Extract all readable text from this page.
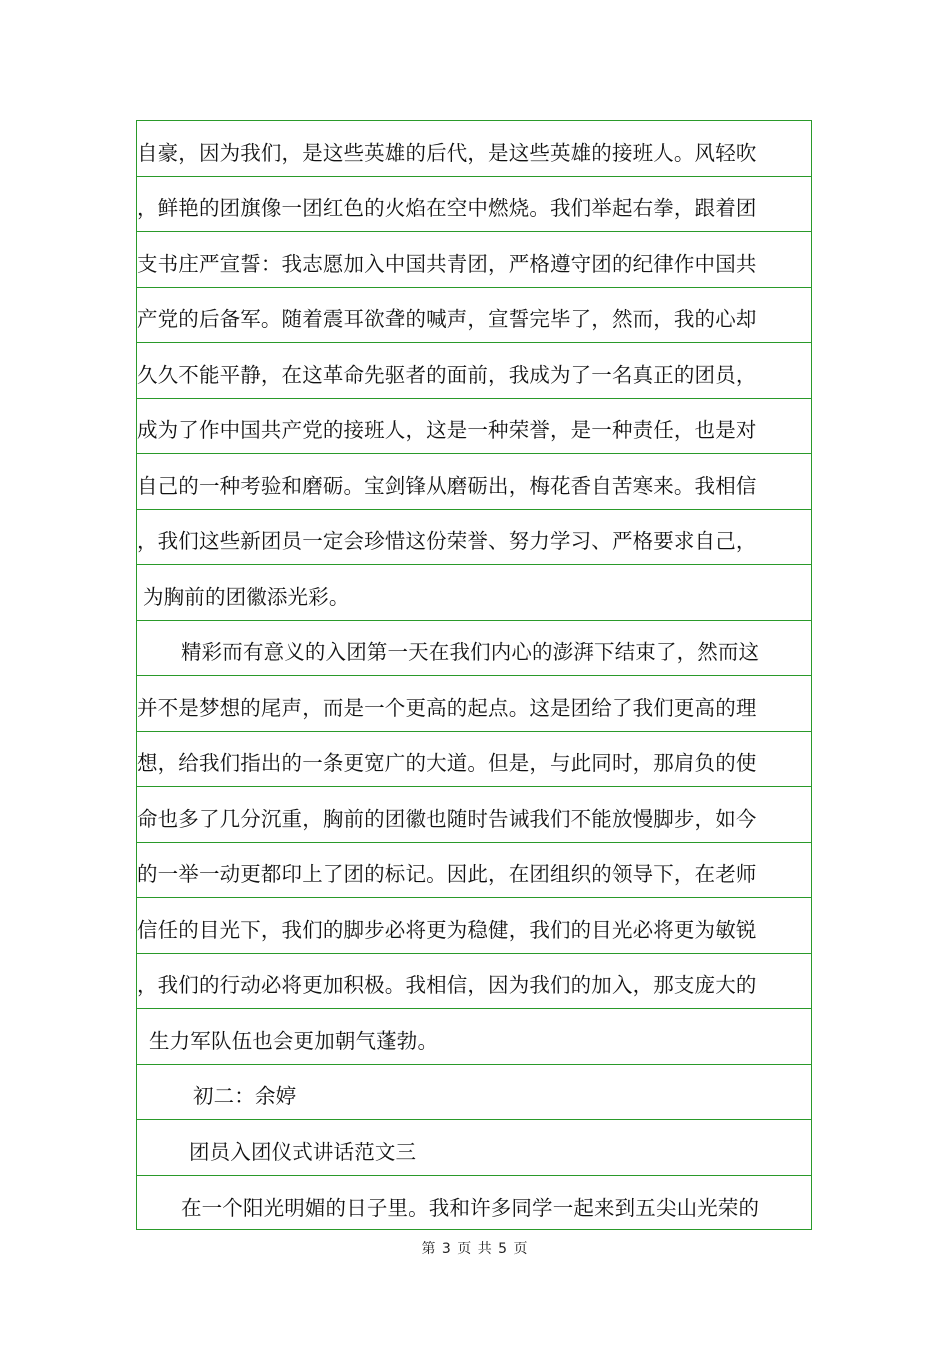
自豪，因为我们，是这些英雄的后代，是这些英雄的接班人。风轻吹
，鲜艳的团旗像一团红色的火焰在空中燃烧。我们举起右拳，跟着团
支书庄严宣誓：我志愿加入中国共青团，严格遵守团的纪律作中国共
产党的后备军。随着震耳欲聋的喊声，宣誓完毕了，然而，我的心却
久久不能平静，在这革命先驱者的面前，我成为了一名真正的团员，
成为了作中国共产党的接班人，这是一种荣誉，是一种责任，也是对
自己的一种考验和磨砺。宝剑锋从磨砺出，梅花香自苦寒来。我相信
，我们这些新团员一定会珍惜这份荣誉、努力学习、严格要求自己，
为胸前的团徽添光彩。
精彩而有意义的入团第一天在我们内心的澎湃下结束了，然而这
并不是梦想的尾声，而是一个更高的起点。这是团给了我们更高的理
想，给我们指出的一条更宽广的大道。但是，与此同时，那肩负的使
命也多了几分沉重，胸前的团徽也随时告诫我们不能放慢脚步，如今
的一举一动更都印上了团的标记。因此，在团组织的领导下，在老师
信任的目光下，我们的脚步必将更为稳健，我们的目光必将更为敏锐
，我们的行动必将更加积极。我相信，因为我们的加入，那支庞大的
生力军队伍也会更加朝气蓬勃。
初二：余婷
团员入团仪式讲话范文三
在一个阳光明媚的日子里。我和许多同学一起来到五尖山光荣的
第 3 页 共 5 页
